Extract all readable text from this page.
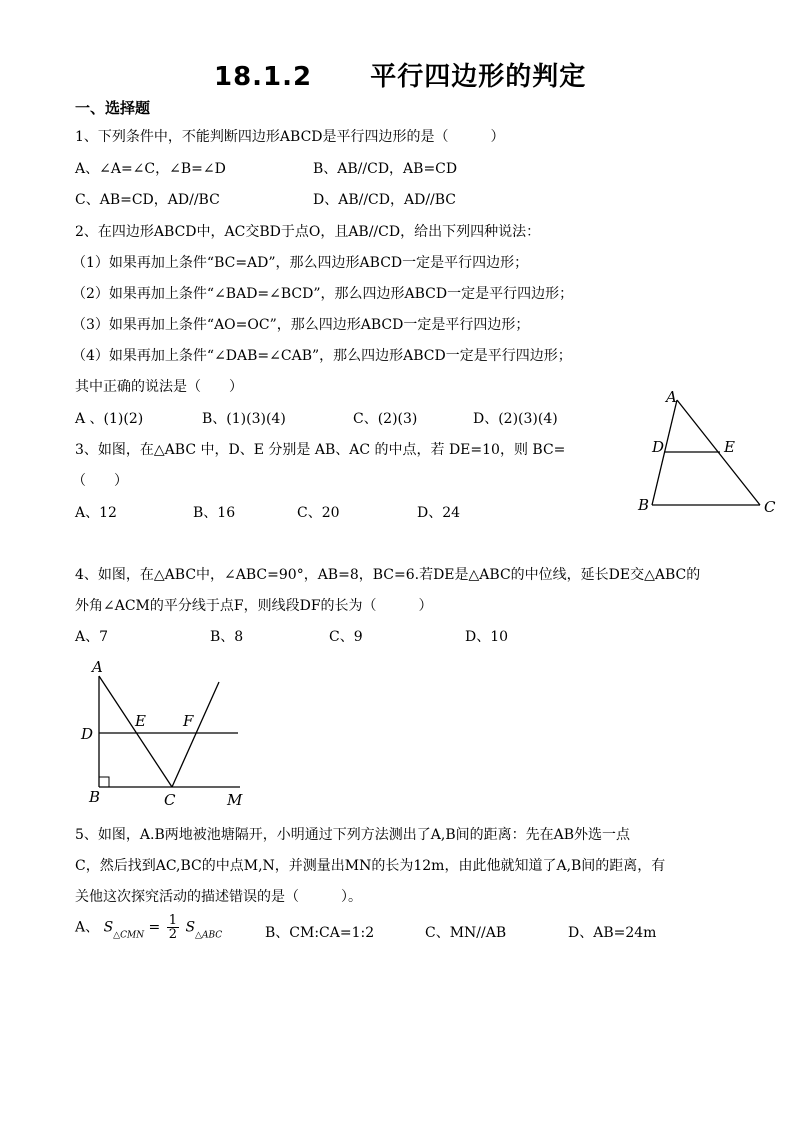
18.1.2 平行四边形的判定
一、选择题
1、下列条件中，不能判断四边形ABCD是平行四边形的是（　　　）
A、∠A=∠C，∠B=∠D	B、AB//CD，AB=CD
C、AB=CD，AD//BC	D、AB//CD，AD//BC
2、在四边形ABCD中，AC交BD于点O，且AB//CD，给出下列四种说法：
（1）如果再加上条件“BC=AD”，那么四边形ABCD一定是平行四边形；
（2）如果再加上条件“∠BAD=∠BCD”，那么四边形ABCD一定是平行四边形；
（3）如果再加上条件“AO=OC”，那么四边形ABCD一定是平行四边形；
（4）如果再加上条件“∠DAB=∠CAB”，那么四边形ABCD一定是平行四边形；
其中正确的说法是（　　）
A 、(1)(2)	B、(1)(3)(4)	C、(2)(3)	D、(2)(3)(4)
3、如图，在△ABC 中，D、E 分别是 AB、AC 的中点，若 DE=10，则 BC=
（　　）
A、12	B、16	C、20	D、24
A
D	E
B	C
4、如图，在△ABC中，∠ABC=90°，AB=8，BC=6.若DE是△ABC的中位线，延长DE交△ABC的
外角∠ACM的平分线于点F，则线段DF的长为（　　　）
A、7	B、8	C、9	D、10
A
D
E F
B	C	M
5、如图，A.B两地被池塘隔开，小明通过下列方法测出了A,B间的距离：先在AB外选一点
C，然后找到AC,BC的中点M,N，并测量出MN的长为12m，由此他就知道了A,B间的距离，有
关他这次探究活动的描述错误的是（　　　）。
A、 $S_{\triangle CMN} = \frac{1}{2} S_{\triangle ABC}$	B、CM:CA=1:2	C、MN//AB	D、AB=24m
